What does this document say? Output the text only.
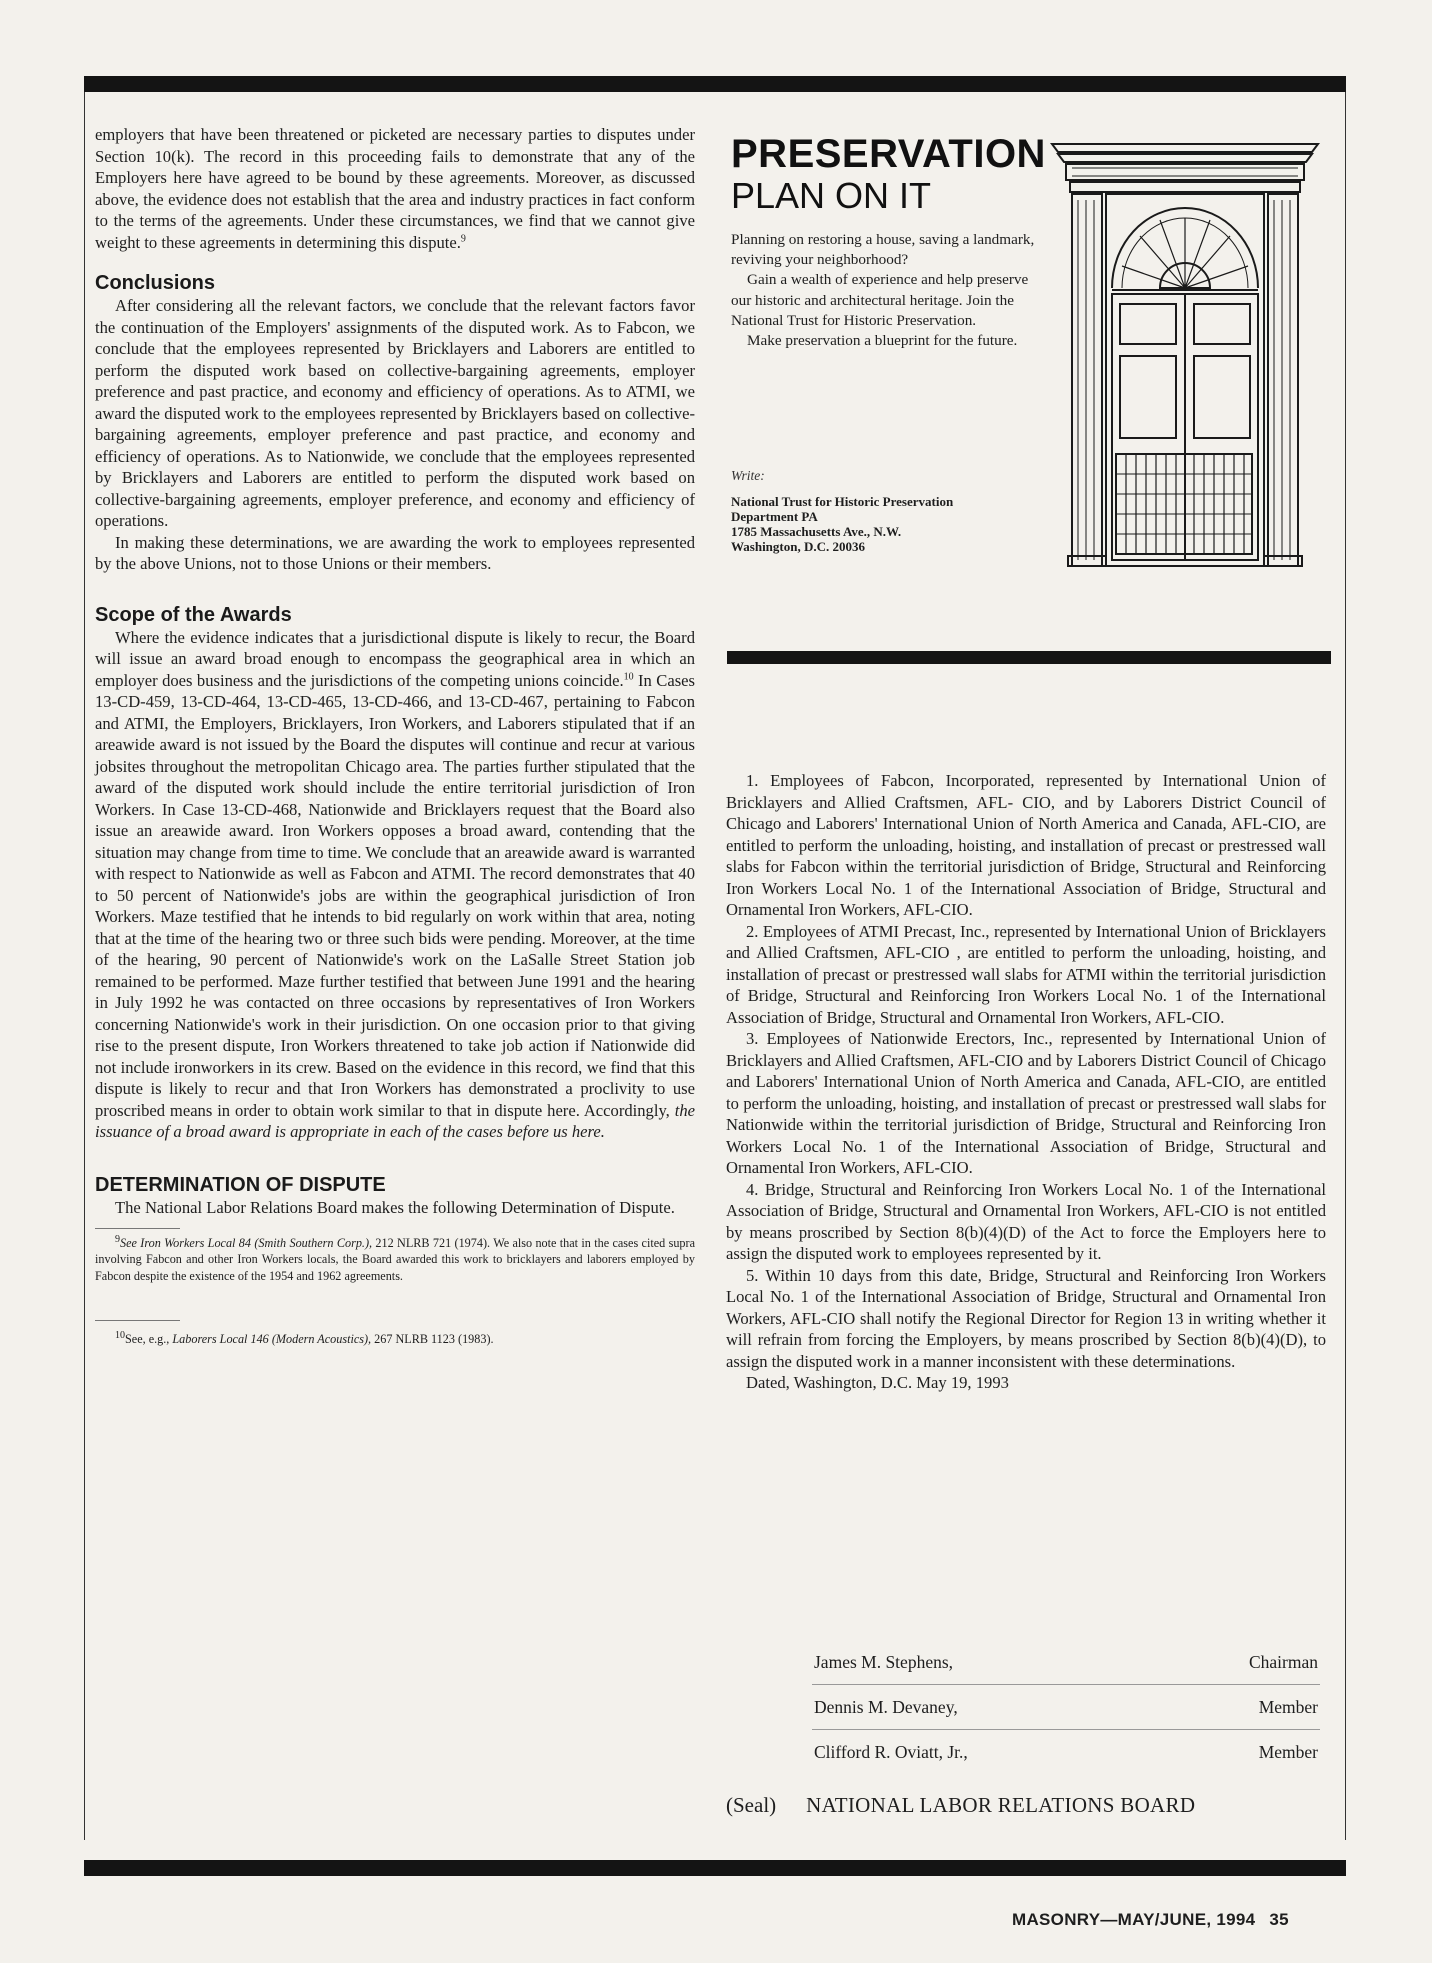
employers that have been threatened or picketed are necessary parties to disputes under Section 10(k). The record in this proceeding fails to demonstrate that any of the Employers here have agreed to be bound by these agreements. Moreover, as discussed above, the evidence does not establish that the area and industry practices in fact conform to the terms of the agreements. Under these circumstances, we find that we cannot give weight to these agreements in determining this dispute.$^9$

Conclusions

After considering all the relevant factors, we conclude that the relevant factors favor the continuation of the Employers' assignments of the disputed work. As to Fabcon, we conclude that the employees represented by Bricklayers and Laborers are entitled to perform the disputed work based on collective-bargaining agreements, employer preference and past practice, and economy and efficiency of operations. As to ATMI, we award the disputed work to the employees represented by Bricklayers based on collective-bargaining agreements, employer preference and past practice, and economy and efficiency of operations. As to Nationwide, we conclude that the employees represented by Bricklayers and Laborers are entitled to perform the disputed work based on collective-bargaining agreements, employer preference, and economy and efficiency of operations.

In making these determinations, we are awarding the work to employees represented by the above Unions, not to those Unions or their members.

Scope of the Awards

Where the evidence indicates that a jurisdictional dispute is likely to recur, the Board will issue an award broad enough to encompass the geographical area in which an employer does business and the jurisdictions of the competing unions coincide.$^{10}$ In Cases 13-CD-459, 13-CD-464, 13-CD-465, 13-CD-466, and 13-CD-467, pertaining to Fabcon and ATMI, the Employers, Bricklayers, Iron Workers, and Laborers stipulated that if an areawide award is not issued by the Board the disputes will continue and recur at various jobsites throughout the metropolitan Chicago area. The parties further stipulated that the award of the disputed work should include the entire territorial jurisdiction of Iron Workers. In Case 13-CD-468, Nationwide and Bricklayers request that the Board also issue an areawide award. Iron Workers opposes a broad award, contending that the situation may change from time to time. We conclude that an areawide award is warranted with respect to Nationwide as well as Fabcon and ATMI. The record demonstrates that 40 to 50 percent of Nationwide's jobs are within the geographical jurisdiction of Iron Workers. Maze testified that he intends to bid regularly on work within that area, noting that at the time of the hearing two or three such bids were pending. Moreover, at the time of the hearing, 90 percent of Nationwide's work on the LaSalle Street Station job remained to be performed. Maze further testified that between June 1991 and the hearing in July 1992 he was contacted on three occasions by representatives of Iron Workers concerning Nationwide's work in their jurisdiction. On one occasion prior to that giving rise to the present dispute, Iron Workers threatened to take job action if Nationwide did not include ironworkers in its crew. Based on the evidence in this record, we find that this dispute is likely to recur and that Iron Workers has demonstrated a proclivity to use proscribed means in order to obtain work similar to that in dispute here. Accordingly, the issuance of a broad award is appropriate in each of the cases before us here.

DETERMINATION OF DISPUTE

The National Labor Relations Board makes the following Determination of Dispute.

$^9$See Iron Workers Local 84 (Smith Southern Corp.), 212 NLRB 721 (1974). We also note that in the cases cited supra involving Fabcon and other Iron Workers locals, the Board awarded this work to bricklayers and laborers employed by Fabcon despite the existence of the 1954 and 1962 agreements.

$^{10}$See, e.g., Laborers Local 146 (Modern Acoustics), 267 NLRB 1123 (1983).

PRESERVATION
PLAN ON IT

Planning on restoring a house, saving a landmark, reviving your neighborhood?

Gain a wealth of experience and help preserve our historic and architectural heritage. Join the National Trust for Historic Preservation.

Make preservation a blueprint for the future.

Write:
National Trust for Historic Preservation
Department PA
1785 Massachusetts Ave., N.W.
Washington, D.C. 20036

1. Employees of Fabcon, Incorporated, represented by International Union of Bricklayers and Allied Craftsmen, AFL- CIO, and by Laborers District Council of Chicago and Laborers' International Union of North America and Canada, AFL-CIO, are entitled to perform the unloading, hoisting, and installation of precast or prestressed wall slabs for Fabcon within the territorial jurisdiction of Bridge, Structural and Reinforcing Iron Workers Local No. 1 of the International Association of Bridge, Structural and Ornamental Iron Workers, AFL-CIO.

2. Employees of ATMI Precast, Inc., represented by International Union of Bricklayers and Allied Craftsmen, AFL-CIO , are entitled to perform the unloading, hoisting, and installation of precast or prestressed wall slabs for ATMI within the territorial jurisdiction of Bridge, Structural and Reinforcing Iron Workers Local No. 1 of the International Association of Bridge, Structural and Ornamental Iron Workers, AFL-CIO.

3. Employees of Nationwide Erectors, Inc., represented by International Union of Bricklayers and Allied Craftsmen, AFL-CIO and by Laborers District Council of Chicago and Laborers' International Union of North America and Canada, AFL-CIO, are entitled to perform the unloading, hoisting, and installation of precast or prestressed wall slabs for Nationwide within the territorial jurisdiction of Bridge, Structural and Reinforcing Iron Workers Local No. 1 of the International Association of Bridge, Structural and Ornamental Iron Workers, AFL-CIO.

4. Bridge, Structural and Reinforcing Iron Workers Local No. 1 of the International Association of Bridge, Structural and Ornamental Iron Workers, AFL-CIO is not entitled by means proscribed by Section 8(b)(4)(D) of the Act to force the Employers here to assign the disputed work to employees represented by it.

5. Within 10 days from this date, Bridge, Structural and Reinforcing Iron Workers Local No. 1 of the International Association of Bridge, Structural and Ornamental Iron Workers, AFL-CIO shall notify the Regional Director for Region 13 in writing whether it will refrain from forcing the Employers, by means proscribed by Section 8(b)(4)(D), to assign the disputed work in a manner inconsistent with these determinations.

Dated, Washington, D.C. May 19, 1993

James M. Stephens,	Chairman
Dennis M. Devaney,	Member
Clifford R. Oviatt, Jr.,	Member
(Seal) NATIONAL LABOR RELATIONS BOARD
MASONRY—MAY/JUNE, 1994 35
